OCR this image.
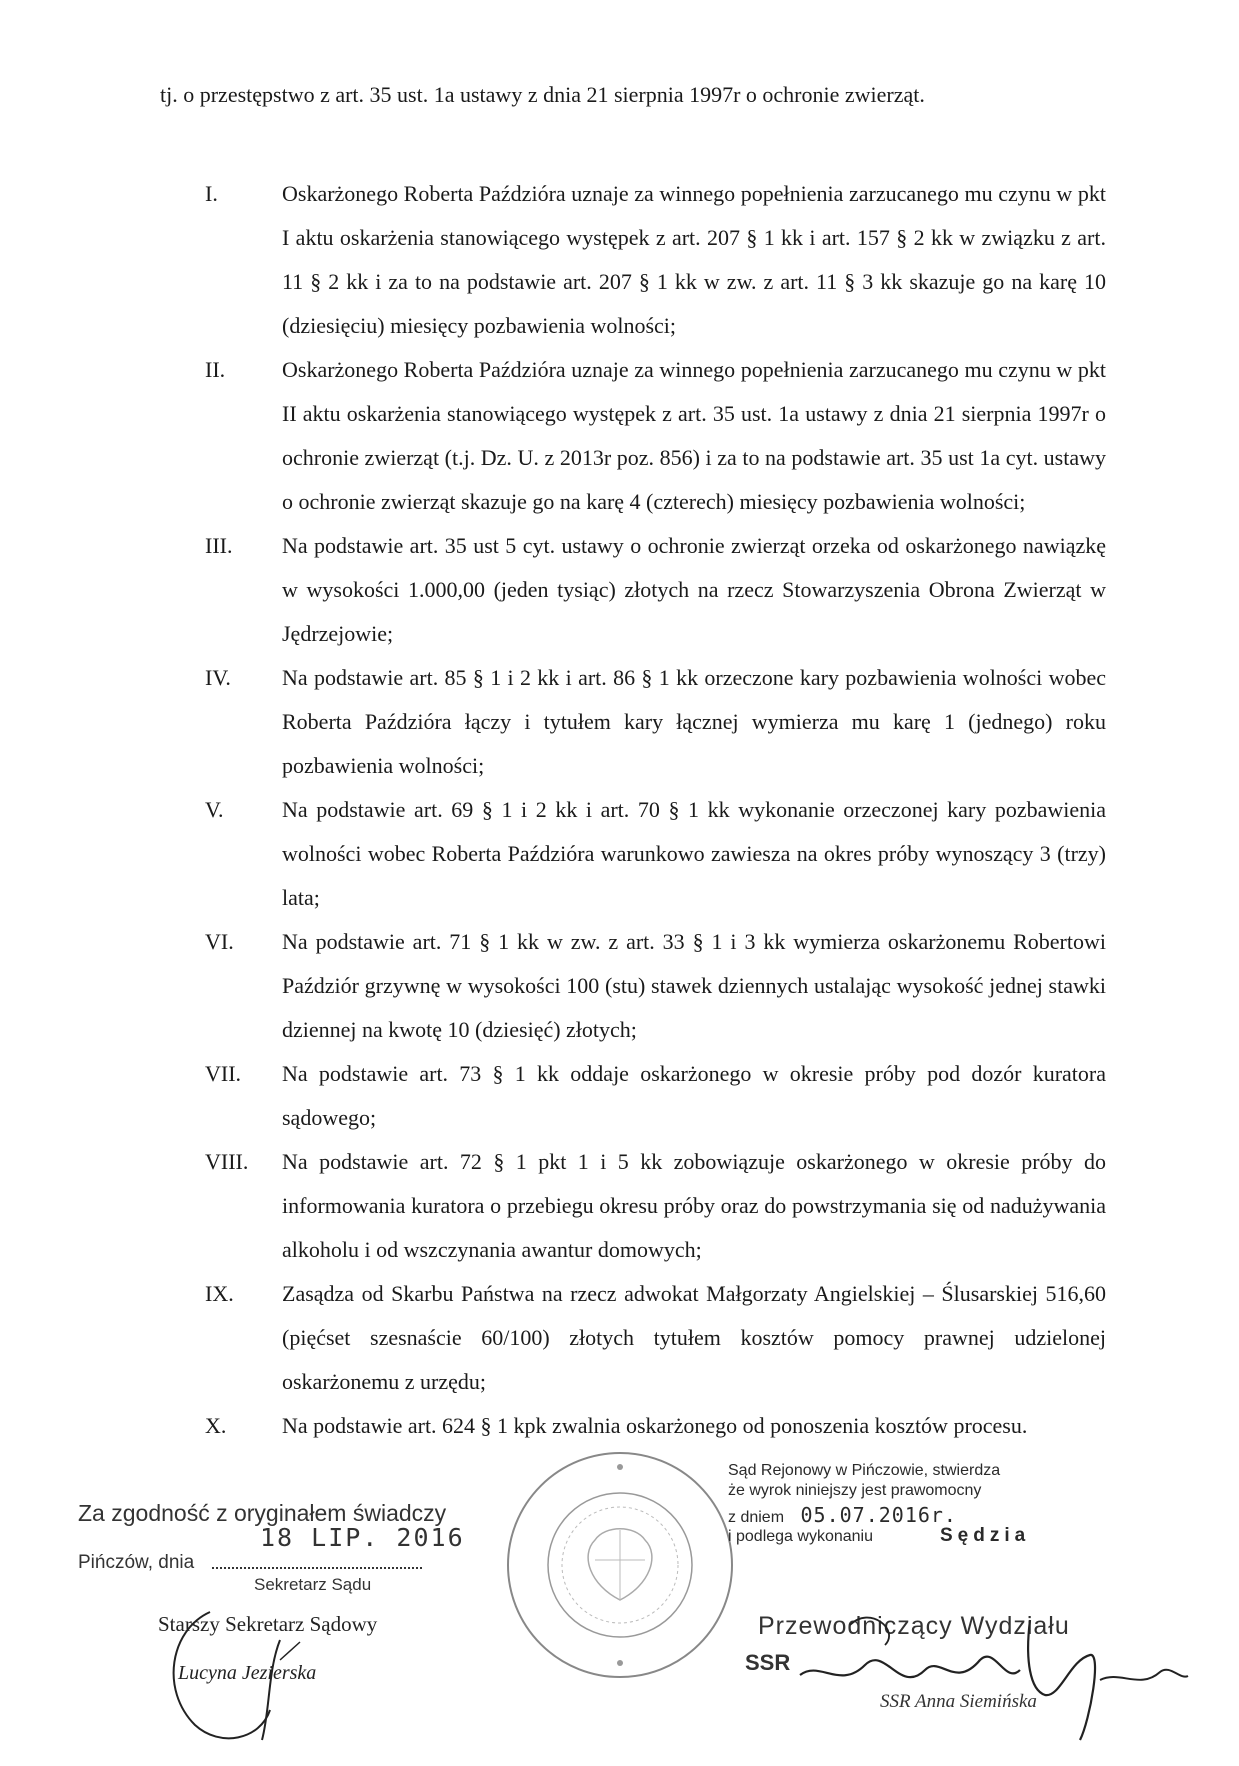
tj. o przestępstwo z art. 35 ust. 1a ustawy z dnia 21 sierpnia 1997r o ochronie zwierząt.

I.	Oskarżonego Roberta Paździóra uznaje za winnego popełnienia zarzucanego mu czynu w pkt I aktu oskarżenia stanowiącego występek z art. 207 § 1 kk i art. 157 § 2 kk w związku z art. 11 § 2 kk i za to na podstawie art. 207 § 1 kk w zw. z art. 11 § 3 kk skazuje go na karę 10 (dziesięciu) miesięcy pozbawienia wolności;
II.	Oskarżonego Roberta Paździóra uznaje za winnego popełnienia zarzucanego mu czynu w pkt II aktu oskarżenia stanowiącego występek z art. 35 ust. 1a ustawy z dnia 21 sierpnia 1997r o ochronie zwierząt (t.j. Dz. U. z 2013r poz. 856) i za to na podstawie art. 35 ust 1a cyt. ustawy o ochronie zwierząt skazuje go na karę 4 (czterech) miesięcy pozbawienia wolności;
III. Na podstawie art. 35 ust 5 cyt. ustawy o ochronie zwierząt orzeka od oskarżonego nawiązkę w wysokości 1.000,00 (jeden tysiąc) złotych na rzecz Stowarzyszenia Obrona Zwierząt w Jędrzejowie;
IV. Na podstawie art. 85 § 1 i 2 kk i art. 86 § 1 kk orzeczone kary pozbawienia wolności wobec Roberta Paździóra łączy i tytułem kary łącznej wymierza mu karę 1 (jednego) roku pozbawienia wolności;
V.	Na podstawie art. 69 § 1 i 2 kk i art. 70 § 1 kk wykonanie orzeczonej kary pozbawienia wolności wobec Roberta Paździóra warunkowo zawiesza na okres próby wynoszący 3 (trzy) lata;
VI. Na podstawie art. 71 § 1 kk w zw. z art. 33 § 1 i 3 kk wymierza oskarżonemu Robertowi Paździór grzywnę w wysokości 100 (stu) stawek dziennych ustalając wysokość jednej stawki dziennej na kwotę 10 (dziesięć) złotych;
VII. Na podstawie art. 73 § 1 kk oddaje oskarżonego w okresie próby pod dozór kuratora sądowego;
VIII. Na podstawie art. 72 § 1 pkt 1 i 5 kk zobowiązuje oskarżonego w okresie próby do informowania kuratora o przebiegu okresu próby oraz do powstrzymania się od nadużywania alkoholu i od wszczynania awantur domowych;
IX. Zasądza od Skarbu Państwa na rzecz adwokat Małgorzaty Angielskiej – Ślusarskiej 516,60 (pięćset szesnaście 60/100) złotych tytułem kosztów pomocy prawnej udzielonej oskarżonemu z urzędu;
X.	Na podstawie art. 624 § 1 kpk zwalnia oskarżonego od ponoszenia kosztów procesu.
Za zgodność z oryginałem świadczy
18 LIP. 2016
Pińczów, dnia
Sekretarz Sądu
Starszy Sekretarz Sądowy
Lucyna Jezierska
Sąd Rejonowy w Pińczowie, stwierdza
że wyrok niniejszy jest prawomocny
z dniem 05.07.2016r.
i podlega wykonaniu	Sędzia
Przewodniczący Wydziału
SSR
SSR Anna Siemińska
